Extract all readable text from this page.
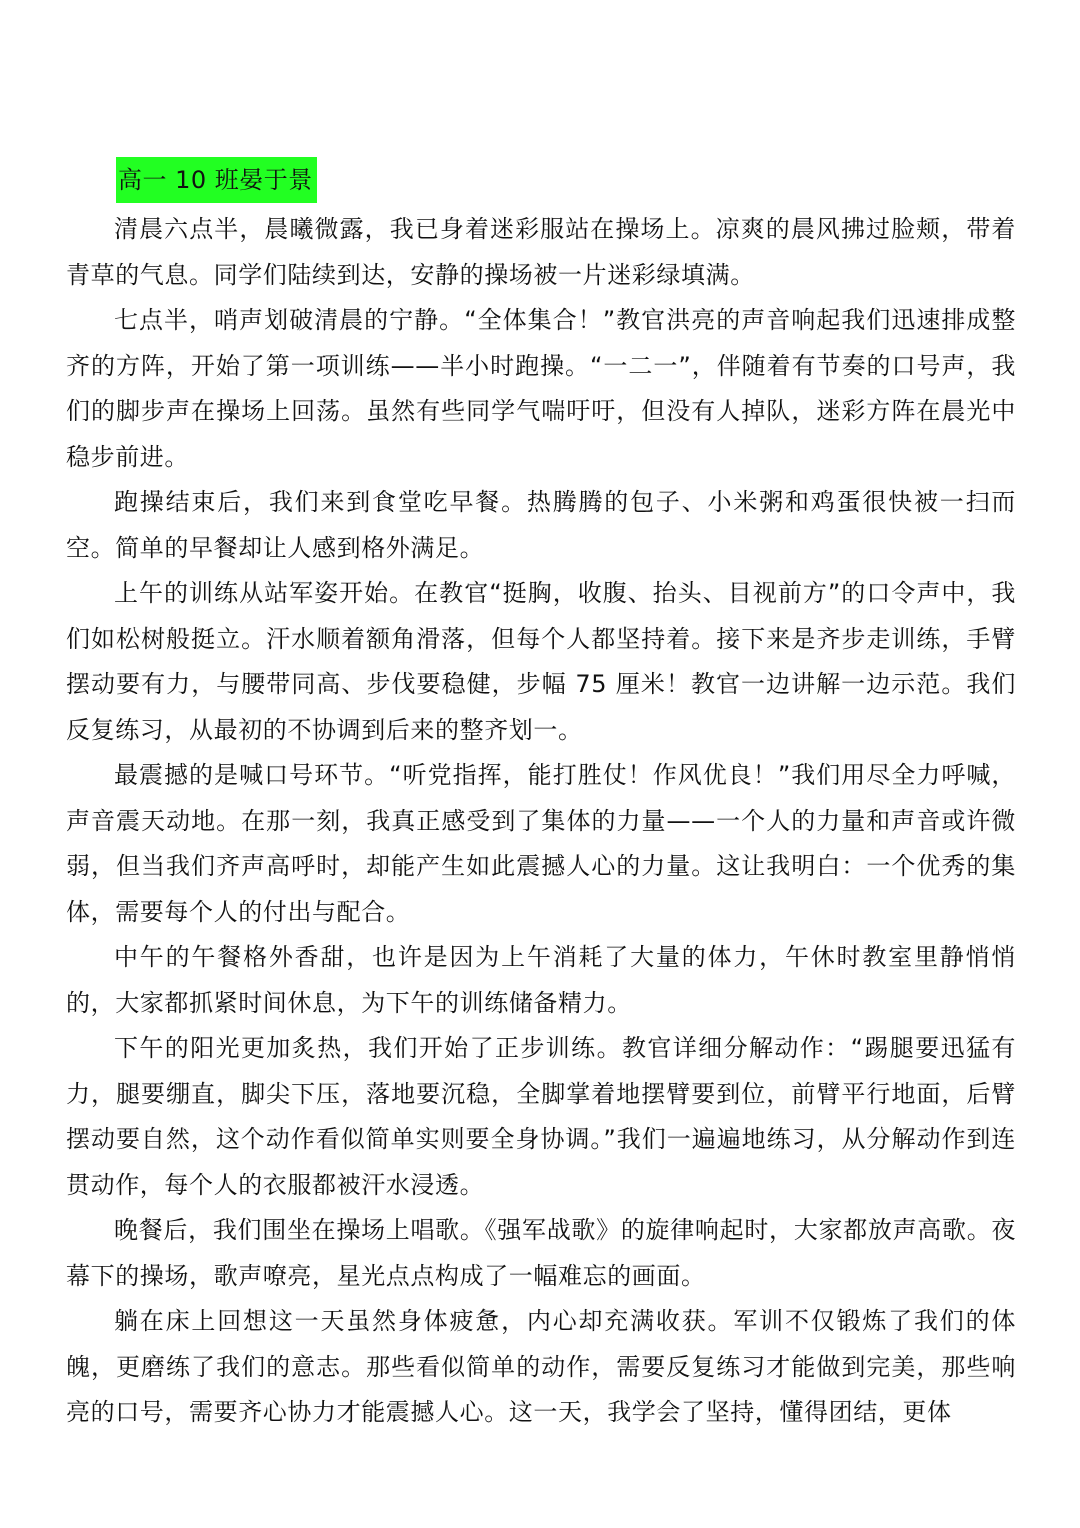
高一 10 班晏于景

清晨六点半，晨曦微露，我已身着迷彩服站在操场上。凉爽的晨风拂过脸颊，带着青草的气息。同学们陆续到达，安静的操场被一片迷彩绿填满。

七点半，哨声划破清晨的宁静。“全体集合！”教官洪亮的声音响起我们迅速排成整齐的方阵，开始了第一项训练——半小时跑操。“一二一”，伴随着有节奏的口号声，我们的脚步声在操场上回荡。虽然有些同学气喘吁吁，但没有人掉队，迷彩方阵在晨光中稳步前进。

跑操结束后，我们来到食堂吃早餐。热腾腾的包子、小米粥和鸡蛋很快被一扫而空。简单的早餐却让人感到格外满足。

上午的训练从站军姿开始。在教官“挺胸，收腹、抬头、目视前方”的口令声中，我们如松树般挺立。汗水顺着额角滑落，但每个人都坚持着。接下来是齐步走训练，手臂摆动要有力，与腰带同高、步伐要稳健，步幅 75 厘米！教官一边讲解一边示范。我们反复练习，从最初的不协调到后来的整齐划一。

最震撼的是喊口号环节。“听党指挥，能打胜仗！作风优良！”我们用尽全力呼喊，声音震天动地。在那一刻，我真正感受到了集体的力量——一个人的力量和声音或许微弱，但当我们齐声高呼时，却能产生如此震撼人心的力量。这让我明白：一个优秀的集体，需要每个人的付出与配合。

中午的午餐格外香甜，也许是因为上午消耗了大量的体力，午休时教室里静悄悄的，大家都抓紧时间休息，为下午的训练储备精力。

下午的阳光更加炙热，我们开始了正步训练。教官详细分解动作：“踢腿要迅猛有力，腿要绷直，脚尖下压，落地要沉稳，全脚掌着地摆臂要到位，前臂平行地面，后臂摆动要自然，这个动作看似简单实则要全身协调。”我们一遍遍地练习，从分解动作到连贯动作，每个人的衣服都被汗水浸透。

晚餐后，我们围坐在操场上唱歌。《强军战歌》的旋律响起时，大家都放声高歌。夜幕下的操场，歌声嘹亮，星光点点构成了一幅难忘的画面。

躺在床上回想这一天虽然身体疲惫，内心却充满收获。军训不仅锻炼了我们的体魄，更磨练了我们的意志。那些看似简单的动作，需要反复练习才能做到完美，那些响亮的口号，需要齐心协力才能震撼人心。这一天，我学会了坚持，懂得团结，更体
